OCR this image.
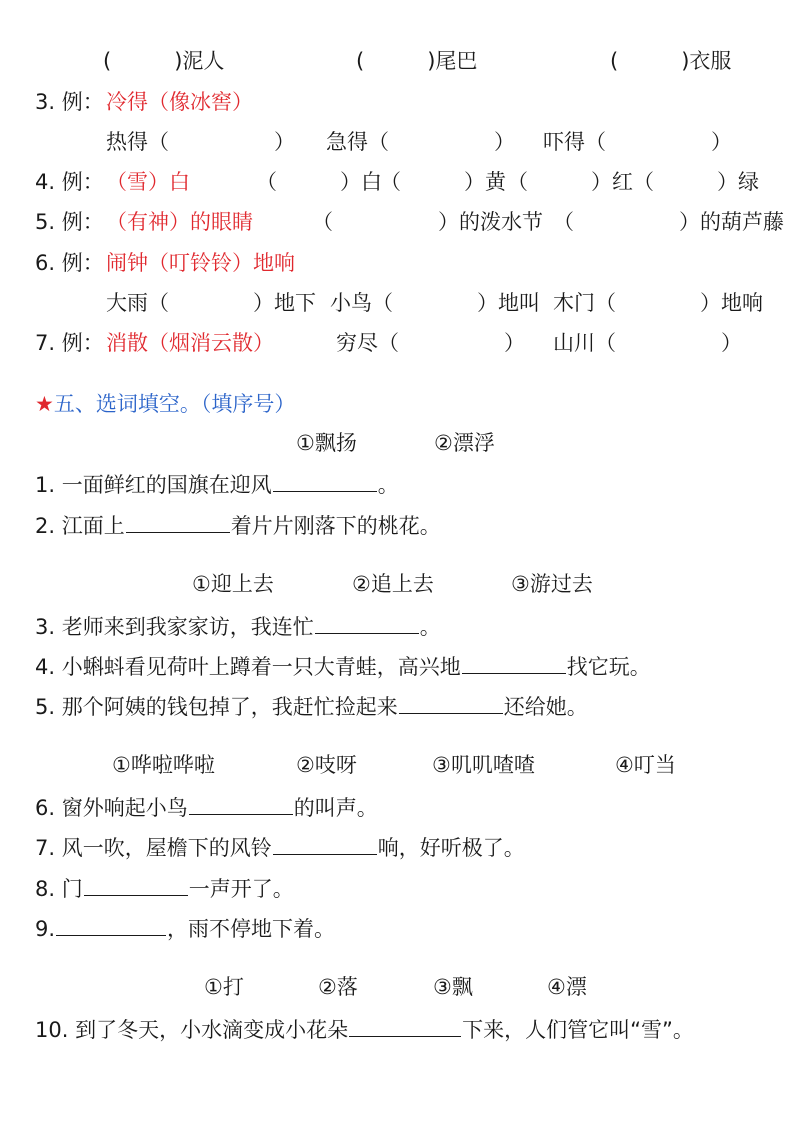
(　　　)泥人	(　　　)尾巴	(　　　)衣服
3. 例： 冷得（像冰窖）
热得（　　　　　） 急得（　　　　　） 吓得（　　　　　）
4. 例： （雪）白	（　　　）白
（　　　）黄 （　　　）红 （　　　）绿
5. 例： （有神）的眼睛	（　　　　　）的泼水节 （　　　　　）的葫芦藤
6. 例： 闹钟（叮铃铃）地响
大雨（　　　　）地下 小鸟（　　　　）地叫 木门（　　　　）地响
7. 例： 消散（烟消云散）	穷尽（　　　　　） 山川（　　　　　）
★五、选词填空。（填序号）
①飘扬	②漂浮
1. 一面鲜红的国旗在迎风	。
2. 江面上	着片片刚落下的桃花。
①迎上去	②追上去	③游过去
3. 老师来到我家家访，我连忙	。
4. 小蝌蚪看见荷叶上蹲着一只大青蛙，高兴地	找它玩。
5. 那个阿姨的钱包掉了，我赶忙捡起来	还给她。
①哗啦哗啦	②吱呀	③叽叽喳喳	④叮当
6. 窗外响起小鸟	的叫声。
7. 风一吹，屋檐下的风铃	响，好听极了。
8. 门	一声开了。
9.	，雨不停地下着。
①打	②落	③飘	④漂
10. 到了冬天，小水滴变成小花朵	下来，人们管它叫“雪”。
